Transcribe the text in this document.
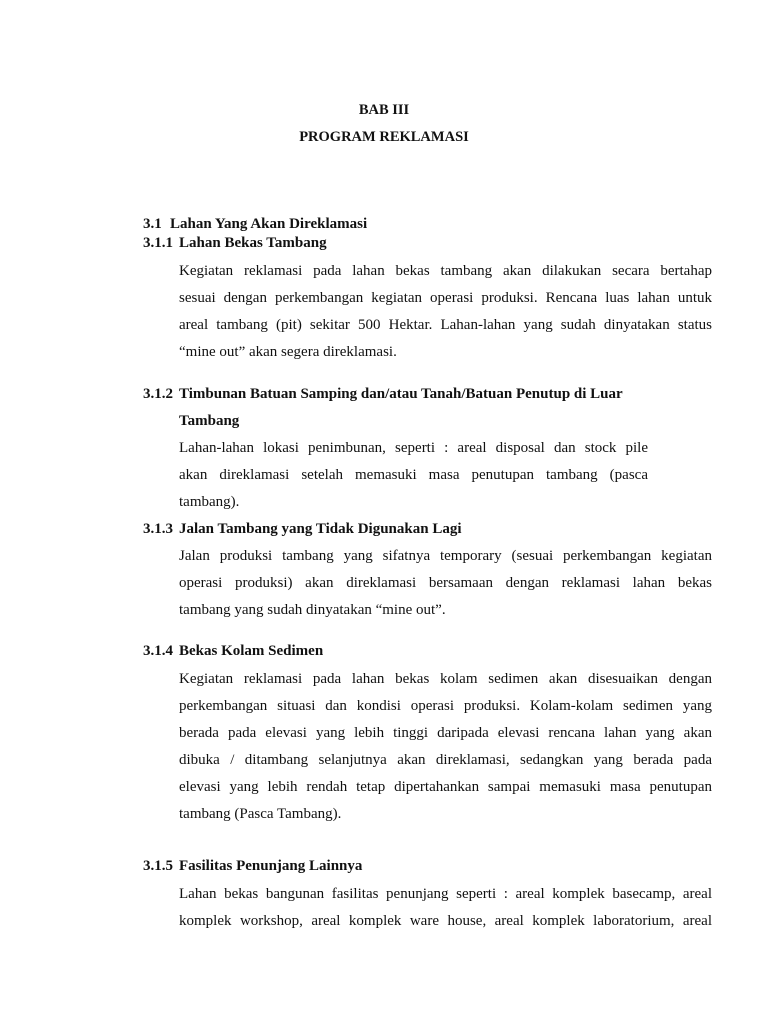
BAB III
PROGRAM REKLAMASI
3.1 Lahan Yang Akan Direklamasi
3.1.1 Lahan Bekas Tambang
Kegiatan reklamasi pada lahan bekas tambang akan dilakukan secara bertahap
sesuai dengan perkembangan kegiatan operasi produksi. Rencana luas lahan untuk
areal tambang (pit) sekitar 500 Hektar. Lahan-lahan yang sudah dinyatakan status
“mine out” akan segera direklamasi.
3.1.2 Timbunan Batuan Samping dan/atau Tanah/Batuan Penutup di Luar
Tambang
Lahan-lahan lokasi penimbunan, seperti : areal disposal dan stock pile
akan direklamasi setelah memasuki masa penutupan tambang (pasca
tambang).
3.1.3 Jalan Tambang yang Tidak Digunakan Lagi
Jalan produksi tambang yang sifatnya temporary (sesuai perkembangan kegiatan
operasi produksi) akan direklamasi bersamaan dengan reklamasi lahan bekas
tambang yang sudah dinyatakan “mine out”.
3.1.4 Bekas Kolam Sedimen
Kegiatan reklamasi pada lahan bekas kolam sedimen akan disesuaikan dengan
perkembangan situasi dan kondisi operasi produksi. Kolam-kolam sedimen yang
berada pada elevasi yang lebih tinggi daripada elevasi rencana lahan yang akan
dibuka / ditambang selanjutnya akan direklamasi, sedangkan yang berada pada
elevasi yang lebih rendah tetap dipertahankan sampai memasuki masa penutupan
tambang (Pasca Tambang).
3.1.5 Fasilitas Penunjang Lainnya
Lahan bekas bangunan fasilitas penunjang seperti : areal komplek basecamp, areal
komplek workshop, areal komplek ware house, areal komplek laboratorium, areal
